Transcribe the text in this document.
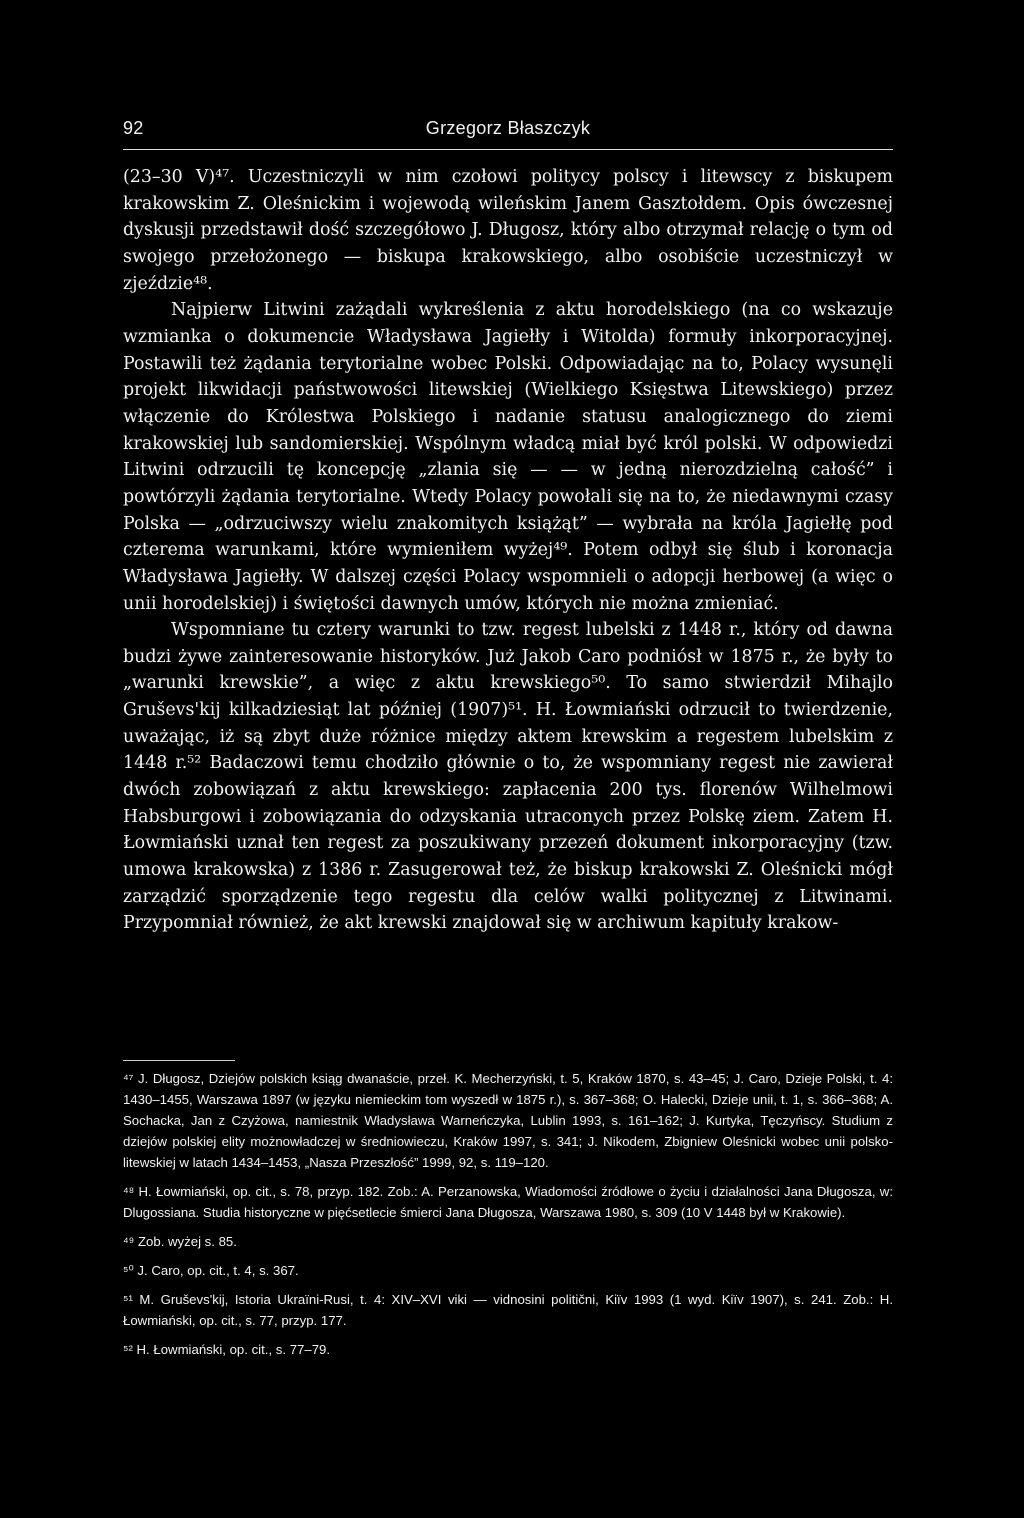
92	Grzegorz Błaszczyk

(23–30 V)⁴⁷. Uczestniczyli w nim czołowi politycy polscy i litewscy z biskupem krakowskim Z. Oleśnickim i wojewodą wileńskim Janem Gasztołdem. Opis ówczesnej dyskusji przedstawił dość szczegółowo J. Długosz, który albo otrzymał relację o tym od swojego przełożonego — biskupa krakowskiego, albo osobiście uczestniczył w zjeździe⁴⁸.

Najpierw Litwini zażądali wykreślenia z aktu horodelskiego (na co wskazuje wzmianka o dokumencie Władysława Jagiełły i Witolda) formuły inkorporacyjnej. Postawili też żądania terytorialne wobec Polski. Odpowiadając na to, Polacy wysunęli projekt likwidacji państwowości litewskiej (Wielkiego Księstwa Litewskiego) przez włączenie do Królestwa Polskiego i nadanie statusu analogicznego do ziemi krakowskiej lub sandomierskiej. Wspólnym władcą miał być król polski. W odpowiedzi Litwini odrzucili tę koncepcję „zlania się — — w jedną nierozdzielną całość” i powtórzyli żądania terytorialne. Wtedy Polacy powołali się na to, że niedawnymi czasy Polska — „odrzuciwszy wielu znakomitych książąt” — wybrała na króla Jagiełłę pod czterema warunkami, które wymieniłem wyżej⁴⁹. Potem odbył się ślub i koronacja Władysława Jagiełły. W dalszej części Polacy wspomnieli o adopcji herbowej (a więc o unii horodelskiej) i świętości dawnych umów, których nie można zmieniać.

Wspomniane tu cztery warunki to tzw. regest lubelski z 1448 r., który od dawna budzi żywe zainteresowanie historyków. Już Jakob Caro podniósł w 1875 r., że były to „warunki krewskie”, a więc z aktu krewskiego⁵⁰. To samo stwierdził Mihajlo Gruševs'kij kilkadziesiąt lat później (1907)⁵¹. H. Łowmiański odrzucił to twierdzenie, uważając, iż są zbyt duże różnice między aktem krewskim a regestem lubelskim z 1448 r.⁵² Badaczowi temu chodziło głównie o to, że wspomniany regest nie zawierał dwóch zobowiązań z aktu krewskiego: zapłacenia 200 tys. florenów Wilhelmowi Habsburgowi i zobowiązania do odzyskania utraconych przez Polskę ziem. Zatem H. Łowmiański uznał ten regest za poszukiwany przezeń dokument inkorporacyjny (tzw. umowa krakowska) z 1386 r. Zasugerował też, że biskup krakowski Z. Oleśnicki mógł zarządzić sporządzenie tego regestu dla celów walki politycznej z Litwinami. Przypomniał również, że akt krewski znajdował się w archiwum kapituły krakow-

⁴⁷ J. Długosz, Dziejów polskich ksiąg dwanaście, przeł. K. Mecherzyński, t. 5, Kraków 1870, s. 43–45; J. Caro, Dzieje Polski, t. 4: 1430–1455, Warszawa 1897 (w języku niemieckim tom wyszedł w 1875 r.), s. 367–368; O. Halecki, Dzieje unii, t. 1, s. 366–368; A. Sochacka, Jan z Czyżowa, namiestnik Władysława Warneńczyka, Lublin 1993, s. 161–162; J. Kurtyka, Tęczyńscy. Studium z dziejów polskiej elity możnowładczej w średniowieczu, Kraków 1997, s. 341; J. Nikodem, Zbigniew Oleśnicki wobec unii polsko-litewskiej w latach 1434–1453, „Nasza Przeszłość” 1999, 92, s. 119–120.

⁴⁸ H. Łowmiański, op. cit., s. 78, przyp. 182. Zob.: A. Perzanowska, Wiadomości źródłowe o życiu i działalności Jana Długosza, w: Dlugossiana. Studia historyczne w pięćsetlecie śmierci Jana Długosza, Warszawa 1980, s. 309 (10 V 1448 był w Krakowie).

⁴⁹ Zob. wyżej s. 85.

⁵⁰ J. Caro, op. cit., t. 4, s. 367.

⁵¹ M. Gruševs'kij, Istoria Ukraïni-Rusi, t. 4: XIV–XVI viki — vidnosini politični, Kiïv 1993 (1 wyd. Kiïv 1907), s. 241. Zob.: H. Łowmiański, op. cit., s. 77, przyp. 177.

⁵² H. Łowmiański, op. cit., s. 77–79.
